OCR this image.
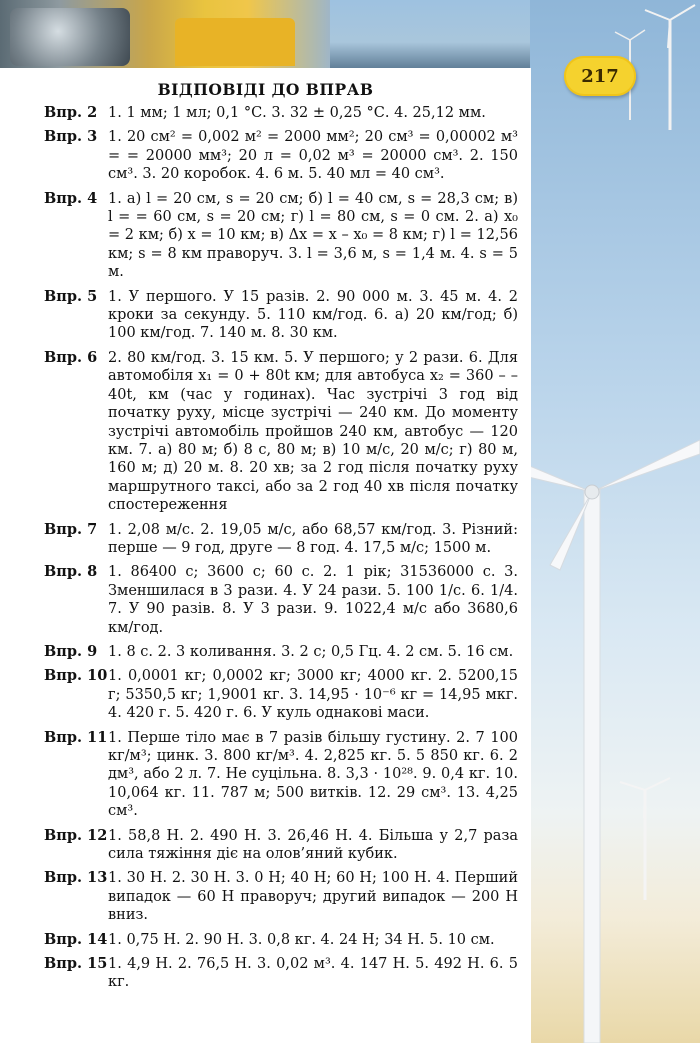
217
ВІДПОВІДІ ДО ВПРАВ
Впр. 2 1. 1 мм; 1 мл; 0,1 °С. 3. 32 ± 0,25 °С. 4. 25,12 мм.
Впр. 3 1. 20 см² = 0,002 м² = 2000 мм²; 20 см³ = 0,00002 м³ = = 20000 мм³; 20 л = 0,02 м³ = 20000 см³. 2. 150 см³. 3. 20 коробок. 4. 6 м. 5. 40 мл = 40 см³.
Впр. 4 1. а) l = 20 см, s = 20 см; б) l = 40 см, s = 28,3 см; в) l = = 60 см, s = 20 см; г) l = 80 см, s = 0 см. 2. а) x₀ = 2 км; б) x = 10 км; в) Δx = x – x₀ = 8 км; г) l = 12,56 км; s = 8 км праворуч. 3. l = 3,6 м, s = 1,4 м. 4. s = 5 м.
Впр. 5 1. У першого. У 15 разів. 2. 90 000 м. 3. 45 м. 4. 2 кроки за секунду. 5. 110 км/год. 6. а) 20 км/год; б) 100 км/год. 7. 140 м. 8. 30 км.
Впр. 6 2. 80 км/год. 3. 15 км. 5. У першого; у 2 рази. 6. Для автомобіля x₁ = 0 + 80t км; для автобуса x₂ = 360 – – 40t, км (час у годинах). Час зустрічі 3 год від початку руху, місце зустрічі — 240 км. До моменту зустрічі автомобіль пройшов 240 км, автобус — 120 км. 7. а) 80 м; б) 8 с, 80 м; в) 10 м/с, 20 м/с; г) 80 м, 160 м; д) 20 м. 8. 20 хв; за 2 год після початку руху маршрутного таксі, або за 2 год 40 хв після початку спостереження
Впр. 7 1. 2,08 м/с. 2. 19,05 м/с, або 68,57 км/год. 3. Різний: перше — 9 год, друге — 8 год. 4. 17,5 м/с; 1500 м.
Впр. 8 1. 86400 с; 3600 с; 60 с. 2. 1 рік; 31536000 с. 3. Зменшилася в 3 рази. 4. У 24 рази. 5. 100 1/с. 6. 1/4. 7. У 90 разів. 8. У 3 рази. 9. 1022,4 м/с або 3680,6 км/год.
Впр. 9 1. 8 с. 2. 3 коливання. 3. 2 с; 0,5 Гц. 4. 2 см. 5. 16 см.
Впр. 10 1. 0,0001 кг; 0,0002 кг; 3000 кг; 4000 кг. 2. 5200,15 г; 5350,5 кг; 1,9001 кг. 3. 14,95 · 10⁻⁶ кг = 14,95 мкг. 4. 420 г. 5. 420 г. 6. У куль однакові маси.
Впр. 11 1. Перше тіло має в 7 разів більшу густину. 2. 7 100 кг/м³; цинк. 3. 800 кг/м³. 4. 2,825 кг. 5. 5 850 кг. 6. 2 дм³, або 2 л. 7. Не суцільна. 8. 3,3 · 10²⁸. 9. 0,4 кг. 10. 10,064 кг. 11. 787 м; 500 витків. 12. 29 см³. 13. 4,25 см³.
Впр. 12 1. 58,8 Н. 2. 490 Н. 3. 26,46 Н. 4. Більша у 2,7 раза сила тяжіння діє на олов’яний кубик.
Впр. 13 1. 30 Н. 2. 30 Н. 3. 0 Н; 40 Н; 60 Н; 100 Н. 4. Перший випадок — 60 Н праворуч; другий випадок — 200 Н вниз.
Впр. 14 1. 0,75 Н. 2. 90 Н. 3. 0,8 кг. 4. 24 Н; 34 Н. 5. 10 см.
Впр. 15 1. 4,9 Н. 2. 76,5 Н. 3. 0,02 м³. 4. 147 Н. 5. 492 Н. 6. 5 кг.
